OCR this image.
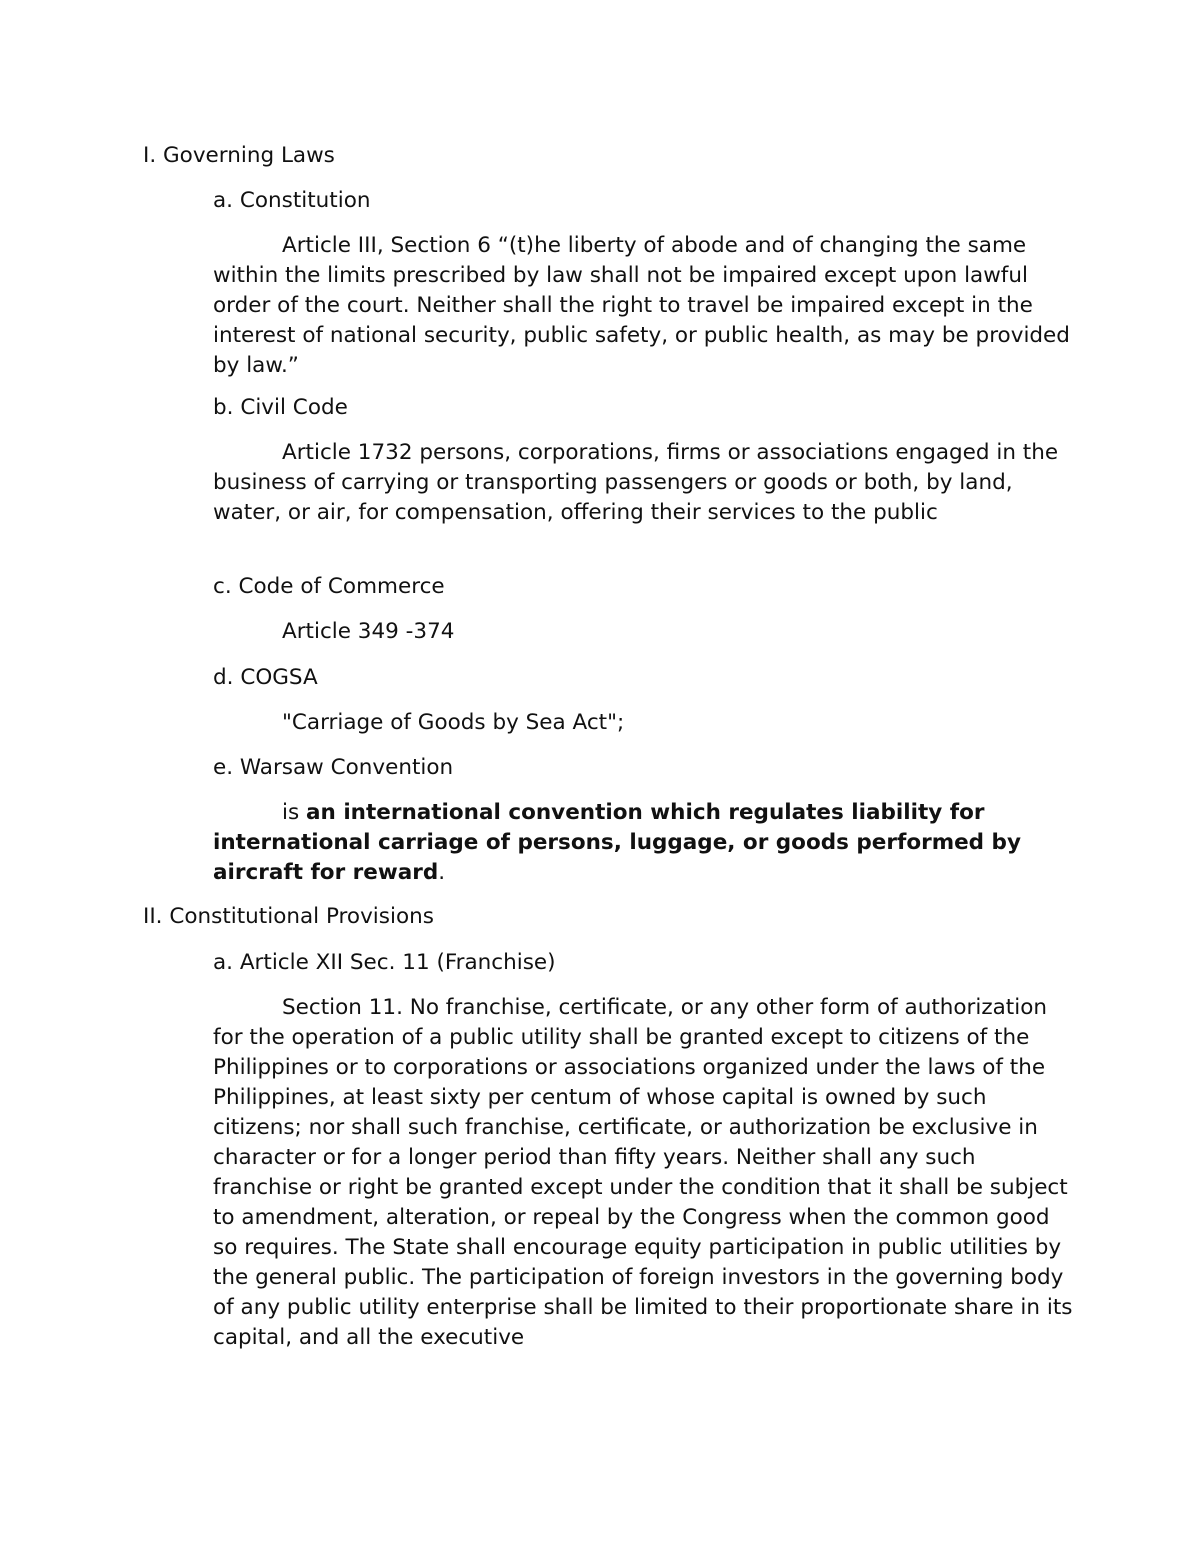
I. Governing Laws

a. Constitution

Article III, Section 6 “(t)he liberty of abode and of changing the same within the limits prescribed by law shall not be impaired except upon lawful order of the court. Neither shall the right to travel be impaired except in the interest of national security, public safety, or public health, as may be provided by law.”

b. Civil Code

Article 1732 persons, corporations, firms or associations engaged in the business of carrying or transporting passengers or goods or both, by land, water, or air, for compensation, offering their services to the public

c. Code of Commerce

Article 349 -374

d. COGSA

"Carriage of Goods by Sea Act";

e. Warsaw Convention

is an international convention which regulates liability for international carriage of persons, luggage, or goods performed by aircraft for reward.

II. Constitutional Provisions

a. Article XII Sec. 11 (Franchise)

Section 11. No franchise, certificate, or any other form of authorization for the operation of a public utility shall be granted except to citizens of the Philippines or to corporations or associations organized under the laws of the Philippines, at least sixty per centum of whose capital is owned by such citizens; nor shall such franchise, certificate, or authorization be exclusive in character or for a longer period than fifty years. Neither shall any such franchise or right be granted except under the condition that it shall be subject to amendment, alteration, or repeal by the Congress when the common good so requires. The State shall encourage equity participation in public utilities by the general public. The participation of foreign investors in the governing body of any public utility enterprise shall be limited to their proportionate share in its capital, and all the executive
